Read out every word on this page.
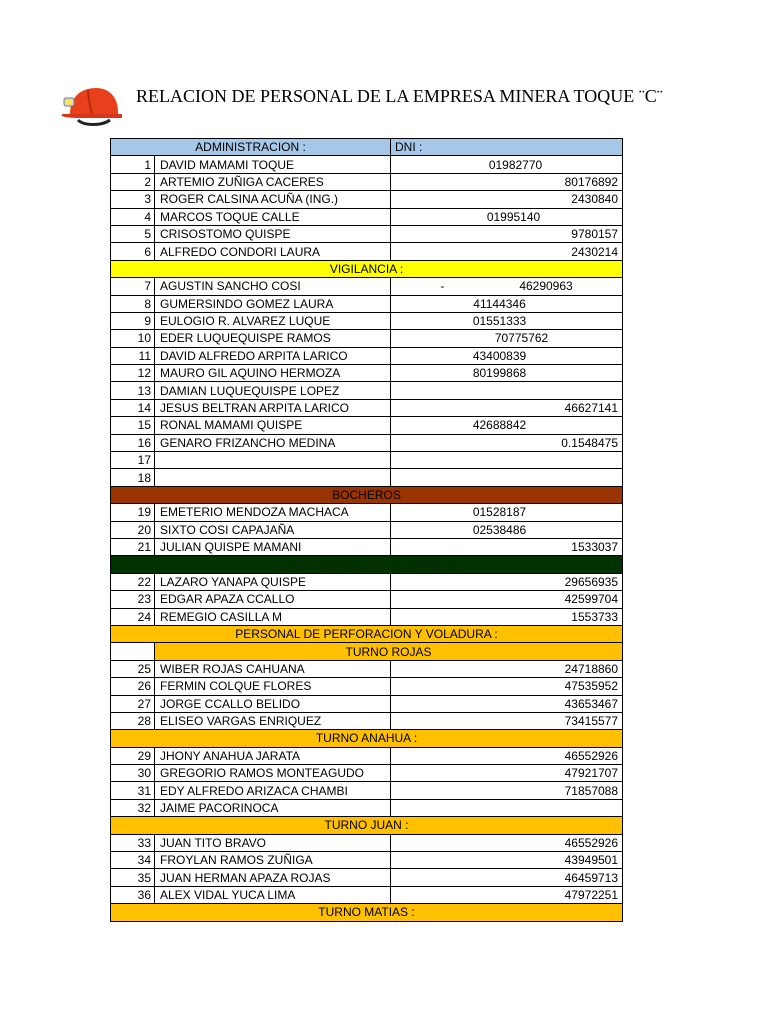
RELACION DE PERSONAL DE LA EMPRESA MINERA TOQUE ¨C¨
ADMINISTRACION :		DNI :
1	DAVID MAMAMI TOQUE	01982770
2	ARTEMIO ZUÑIGA CACERES	80176892
3	ROGER CALSINA ACUÑA (ING.)	2430840
4	MARCOS TOQUE CALLE	01995140
5	CRISOSTOMO QUISPE	9780157
6	ALFREDO CONDORI LAURA	2430214
VIGILANCIA :		
7	AGUSTIN SANCHO COSI	- 46290963
8	GUMERSINDO GOMEZ LAURA	41144346
9	EULOGIO R. ALVAREZ LUQUE	01551333
10	EDER LUQUEQUISPE RAMOS	70775762
11	DAVID ALFREDO ARPITA LARICO	43400839
12	MAURO GIL AQUINO HERMOZA	80199868
13	DAMIAN LUQUEQUISPE LOPEZ	
14	JESUS BELTRAN ARPITA LARICO	46627141
15	RONAL MAMAMI QUISPE	42688842
16	GENARO FRIZANCHO MEDINA	0.1548475
17		
18		
BOCHEROS		
19	EMETERIO MENDOZA MACHACA	01528187
20	SIXTO COSI CAPAJAÑA	02538486
21	JULIAN QUISPE MAMANI	1533037
OPERADORES DE DUNBHERS		
22	LAZARO YANAPA QUISPE	29656935
23	EDGAR APAZA CCALLO	42599704
24	REMEGIO CASILLA M	1553733
PERSONAL DE PERFORACION Y VOLADURA :		
	TURNO ROJAS	
25	WIBER ROJAS CAHUANA	24718860
26	FERMIN COLQUE FLORES	47535952
27	JORGE CCALLO BELIDO	43653467
28	ELISEO VARGAS ENRIQUEZ	73415577
TURNO ANAHUA :		
29	JHONY ANAHUA JARATA	46552926
30	GREGORIO RAMOS MONTEAGUDO	47921707
31	EDY ALFREDO ARIZACA CHAMBI	71857088
32	JAIME PACORINOCA	
TURNO JUAN :		
33	JUAN TITO BRAVO	46552926
34	FROYLAN RAMOS ZUÑIGA	43949501
35	JUAN HERMAN APAZA ROJAS	46459713
36	ALEX VIDAL YUCA LIMA	47972251
TURNO MATIAS :		
